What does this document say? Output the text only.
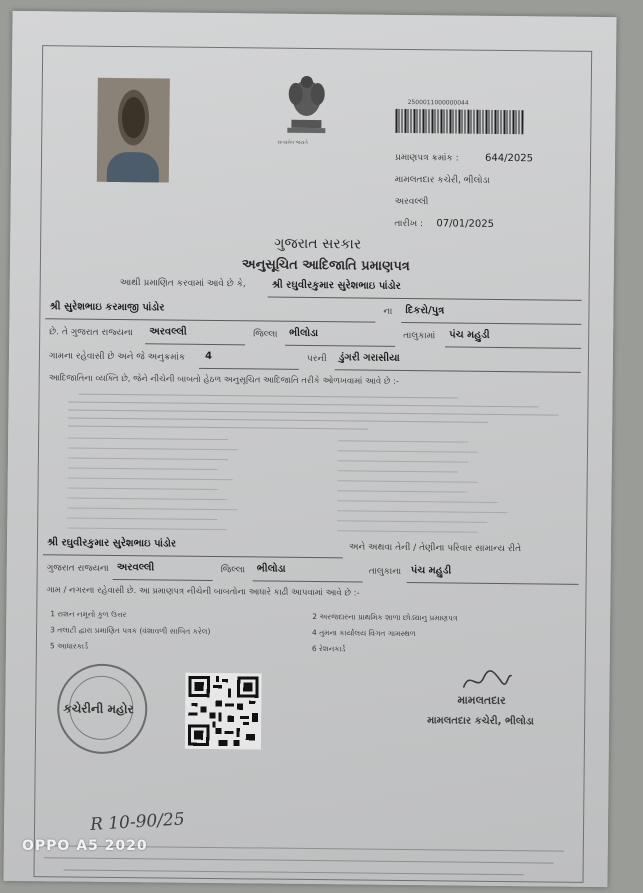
સત્યમેવ જયતે
2500011000000044
પ્રમાણપત્ર ક્રમાંક :	644/2025
મામલતદાર કચેરી, ભીલોડા
અરવલ્લી
તારીખ : 07/01/2025
ગુજરાત સરકાર
અનુસૂચિત આદિજાતિ પ્રમાણપત્ર
આથી પ્રમાણિત કરવામાં આવે છે કે,	શ્રી રઘુવીરકુમાર સુરેશભાઇ પાંડોર
શ્રી સુરેશભાઇ કરમાજી પાંડોર	ના દિકરો/પુત્ર
છે. તે ગુજરાત રાજ્યના અરવલ્લી	જિલ્લા ભીલોડા	તાલુકામાં પંચ મહુડી
ગામના રહેવાસી છે અને જે અનુક્રમાંક 4	પરની ડુંગરી ગરાસીયા
આદિજાતિના વ્યક્તિ છે, જેને નીચેની બાબતો હેઠળ અનુસૂચિત આદિજાતિ તરીકે ઓળખવામાં આવે છે :-
શ્રી રઘુવીરકુમાર સુરેશભાઇ પાંડોર	અને અથવા તેની / તેણીના પરિવાર સામાન્ય રીતે
ગુજરાત રાજ્યના અરવલ્લી	જિલ્લા ભીલોડા	તાલુકાના પંચ મહુડી
ગામ / નગરના રહેવાસી છે. આ પ્રમાણપત્ર નીચેની બાબતોના આધારે કાઢી આપવામાં આવે છે :-
1 રાશન નમૂનો કુળ ઉત્તર	2 અરજદારના પ્રાથમિક શાળા છોડ્યાનુ પ્રમાણપત્ર
3 તલાટી દ્વારા પ્રમાણિત પત્રક (વંશાવળી સાબિત કરેલ)	4 તુમના કાર્યાલય વિગત ગામસ્થળ
5 આધારકાર્ડ	6 રેશનકાર્ડ
કચેરીની મહોર
મામલતદાર
મામલતદાર કચેરી, ભીલોડા
R 10-90/25
OPPO A5 2020
